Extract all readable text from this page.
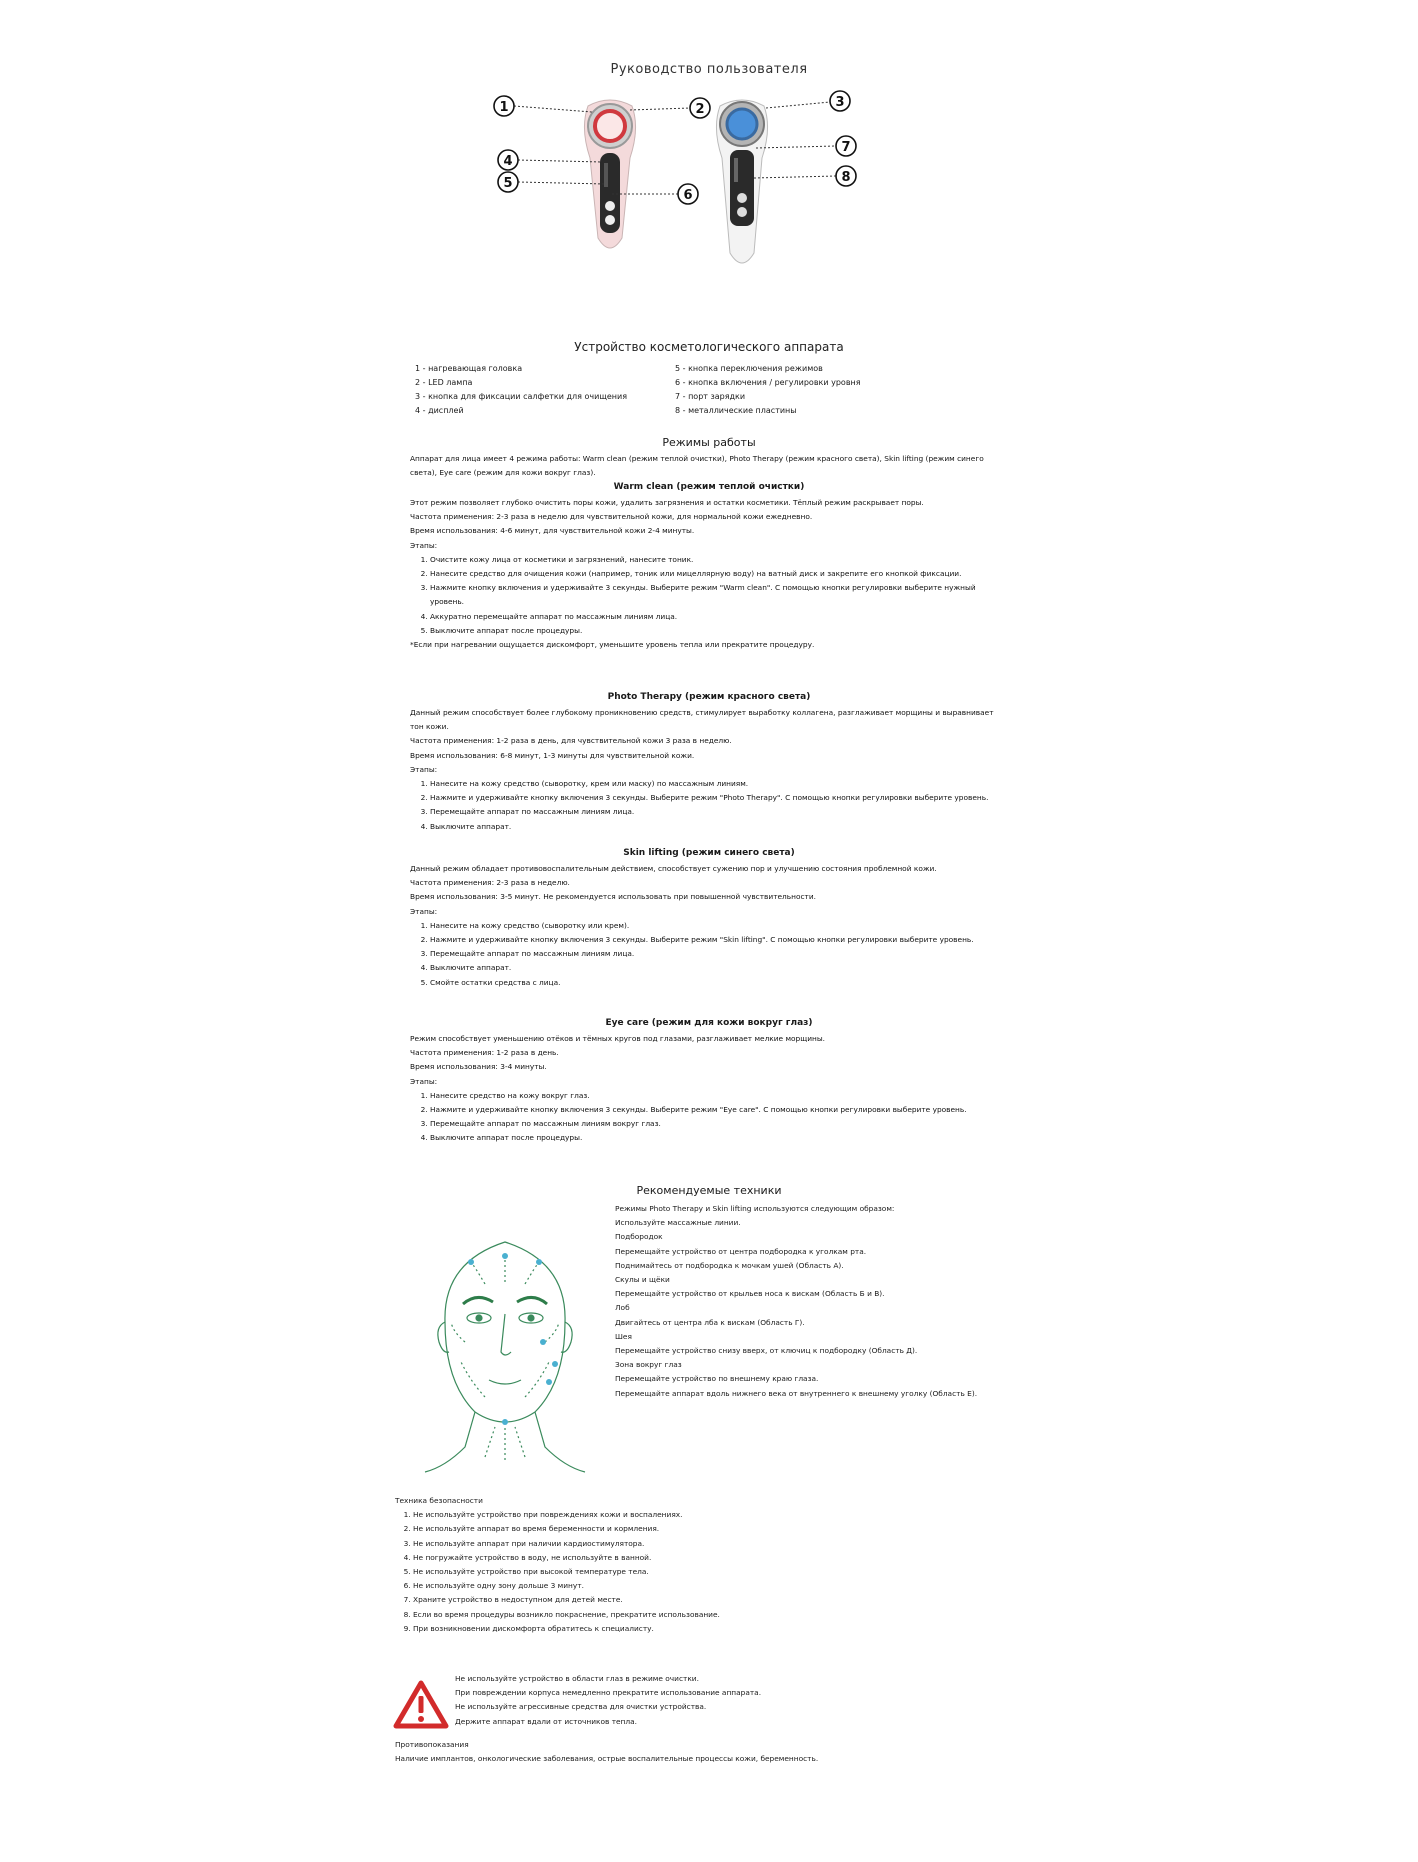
Руководство пользователя
1	2	3
4
5
6
7
8
Устройство косметологического аппарата
1 - нагревающая головка
2 - LED лампа
3 - кнопка для фиксации салфетки для очищения
4 - дисплей
5 - кнопка переключения режимов
6 - кнопка включения / регулировки уровня
7 - порт зарядки
8 - металлические пластины
Режимы работы
Аппарат для лица имеет 4 режима работы: Warm clean (режим теплой очистки), Photo Therapy (режим красного света), Skin lifting (режим синего света), Eye care (режим для кожи вокруг глаз).
Warm clean (режим теплой очистки)

Этот режим позволяет глубоко очистить поры кожи, удалить загрязнения и остатки косметики. Тёплый режим раскрывает поры.

Частота применения: 2-3 раза в неделю для чувствительной кожи, для нормальной кожи ежедневно.

Время использования: 4-6 минут, для чувствительной кожи 2-4 минуты.

Этапы:

1. Очистите кожу лица от косметики и загрязнений, нанесите тоник.
2. Нанесите средство для очищения кожи (например, тоник или мицеллярную воду) на ватный диск и закрепите его кнопкой фиксации.
3. Нажмите кнопку включения и удерживайте 3 секунды. Выберите режим "Warm clean". С помощью кнопки регулировки выберите нужный уровень.
4. Аккуратно перемещайте аппарат по массажным линиям лица.
5. Выключите аппарат после процедуры.

*Если при нагревании ощущается дискомфорт, уменьшите уровень тепла или прекратите процедуру.

Photo Therapy (режим красного света)

Данный режим способствует более глубокому проникновению средств, стимулирует выработку коллагена, разглаживает морщины и выравнивает тон кожи.

Частота применения: 1-2 раза в день, для чувствительной кожи 3 раза в неделю.

Время использования: 6-8 минут, 1-3 минуты для чувствительной кожи.

Этапы:

1. Нанесите на кожу средство (сыворотку, крем или маску) по массажным линиям.
2. Нажмите и удерживайте кнопку включения 3 секунды. Выберите режим "Photo Therapy". С помощью кнопки регулировки выберите уровень.
3. Перемещайте аппарат по массажным линиям лица.
4. Выключите аппарат.
Skin lifting (режим синего света)

Данный режим обладает противовоспалительным действием, способствует сужению пор и улучшению состояния проблемной кожи.

Частота применения: 2-3 раза в неделю.

Время использования: 3-5 минут. Не рекомендуется использовать при повышенной чувствительности.

Этапы:

1. Нанесите на кожу средство (сыворотку или крем).
2. Нажмите и удерживайте кнопку включения 3 секунды. Выберите режим "Skin lifting". С помощью кнопки регулировки выберите уровень.
3. Перемещайте аппарат по массажным линиям лица.
4. Выключите аппарат.
5. Смойте остатки средства с лица.
Eye care (режим для кожи вокруг глаз)

Режим способствует уменьшению отёков и тёмных кругов под глазами, разглаживает мелкие морщины.

Частота применения: 1-2 раза в день.

Время использования: 3-4 минуты.

Этапы:

1. Нанесите средство на кожу вокруг глаз.
2. Нажмите и удерживайте кнопку включения 3 секунды. Выберите режим "Eye care". С помощью кнопки регулировки выберите уровень.
3. Перемещайте аппарат по массажным линиям вокруг глаз.
4. Выключите аппарат после процедуры.
Рекомендуемые техники

Режимы Photo Therapy и Skin lifting используются следующим образом:

Используйте массажные линии.

Подбородок

Перемещайте устройство от центра подбородка к уголкам рта.

Поднимайтесь от подбородка к мочкам ушей (Область А).

Скулы и щёки

Перемещайте устройство от крыльев носа к вискам (Область Б и В).

Лоб

Двигайтесь от центра лба к вискам (Область Г).

Шея

Перемещайте устройство снизу вверх, от ключиц к подбородку (Область Д).

Зона вокруг глаз

Перемещайте устройство по внешнему краю глаза.

Перемещайте аппарат вдоль нижнего века от внутреннего к внешнему уголку (Область Е).

Техника безопасности

1. Не используйте устройство при повреждениях кожи и воспалениях.
2. Не используйте аппарат во время беременности и кормления.
3. Не используйте аппарат при наличии кардиостимулятора.
4. Не погружайте устройство в воду, не используйте в ванной.
5. Не используйте устройство при высокой температуре тела.
6. Не используйте одну зону дольше 3 минут.
7. Храните устройство в недоступном для детей месте.
8. Если во время процедуры возникло покраснение, прекратите использование.
9. При возникновении дискомфорта обратитесь к специалисту.

Не используйте устройство в области глаз в режиме очистки.

При повреждении корпуса немедленно прекратите использование аппарата.

Не используйте агрессивные средства для очистки устройства.

Держите аппарат вдали от источников тепла.

Противопоказания

Наличие имплантов, онкологические заболевания, острые воспалительные процессы кожи, беременность.
